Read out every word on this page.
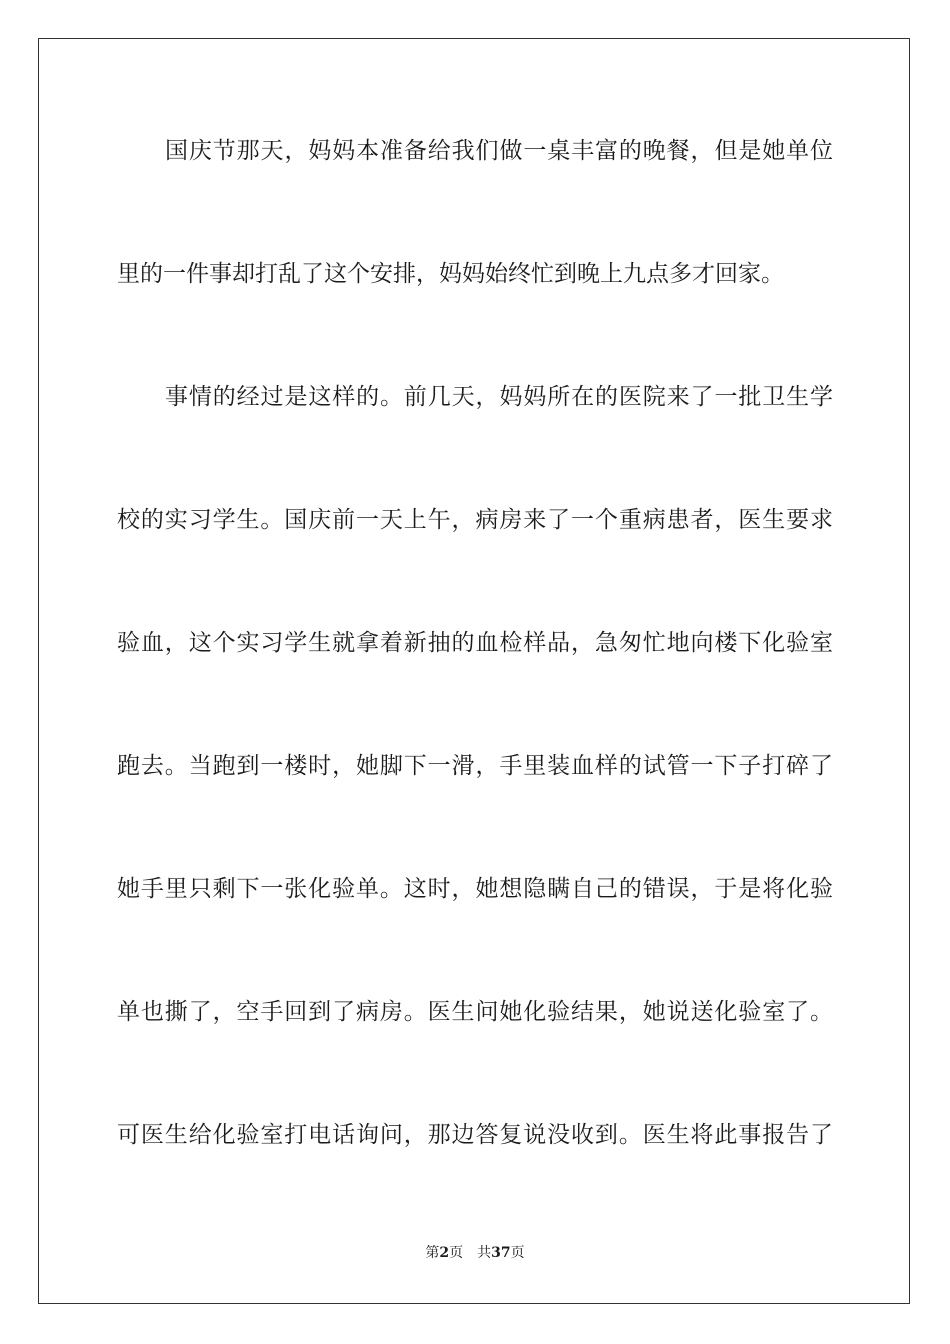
国庆节那天，妈妈本准备给我们做一桌丰富的晚餐，但是她单位
里的一件事却打乱了这个安排，妈妈始终忙到晚上九点多才回家。
事情的经过是这样的。前几天，妈妈所在的医院来了一批卫生学
校的实习学生。国庆前一天上午，病房来了一个重病患者，医生要求
验血，这个实习学生就拿着新抽的血检样品，急匆忙地向楼下化验室
跑去。当跑到一楼时，她脚下一滑，手里装血样的试管一下子打碎了
她手里只剩下一张化验单。这时，她想隐瞒自己的错误，于是将化验
单也撕了，空手回到了病房。医生问她化验结果，她说送化验室了。
可医生给化验室打电话询问，那边答复说没收到。医生将此事报告了
第2页 共37页
